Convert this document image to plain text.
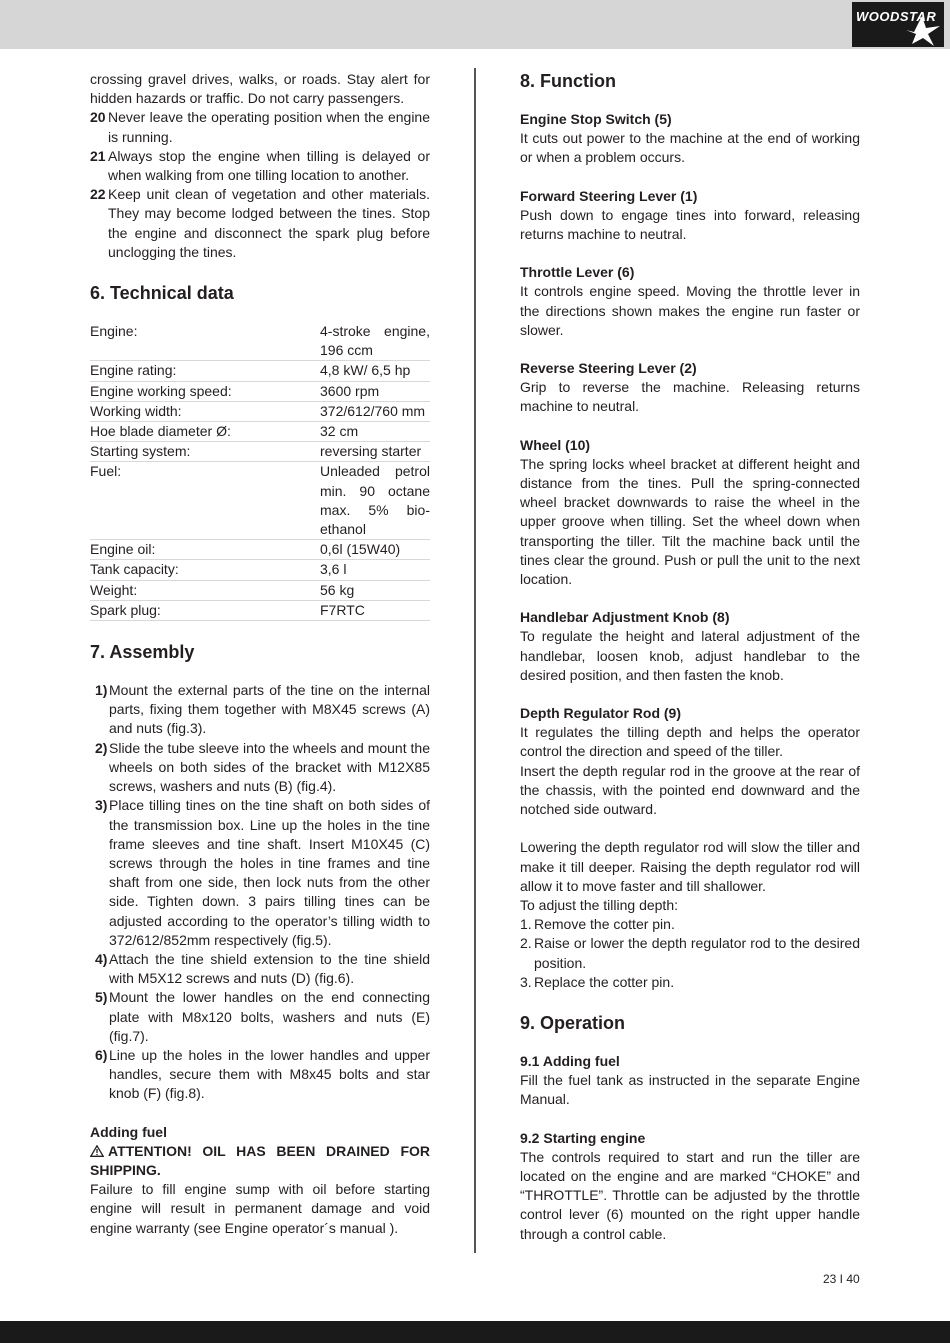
WOODSTAR

crossing gravel drives, walks, or roads. Stay alert for hidden hazards or traffic. Do not carry passengers.

20 Never leave the operating position when the engine is running.

21 Always stop the engine when tilling is delayed or when walking from one tilling location to another.

22 Keep unit clean of vegetation and other materials. They may become lodged between the tines. Stop the engine and disconnect the spark plug before unclogging the tines.

6. Technical data
Engine:	4-stroke engine, 196 ccm
Engine rating:	4,8 kW/ 6,5 hp
Engine working speed:	3600 rpm
Working width:	372/612/760 mm
Hoe blade diameter Ø:	32 cm
Starting system:	reversing starter
Fuel:	Unleaded petrol min. 90 octane max. 5% bio-ethanol
Engine oil:	0,6l (15W40)
Tank capacity:	3,6 l
Weight:	56 kg
Spark plug:	F7RTC
7. Assembly
1) Mount the external parts of the tine on the internal parts, fixing them together with M8X45 screws (A) and nuts (fig.3).
2) Slide the tube sleeve into the wheels and mount the wheels on both sides of the bracket with M12X85 screws, washers and nuts (B) (fig.4).
3) Place tilling tines on the tine shaft on both sides of the transmission box. Line up the holes in the tine frame sleeves and tine shaft. Insert M10X45 (C) screws through the holes in tine frames and tine shaft from one side, then lock nuts from the other side. Tighten down. 3 pairs tilling tines can be adjusted according to the operator’s tilling width to 372/612/852mm respectively (fig.5).
4) Attach the tine shield extension to the tine shield with M5X12 screws and nuts (D) (fig.6).
5) Mount the lower handles on the end connecting plate with M8x120 bolts, washers and nuts (E) (fig.7).
6) Line up the holes in the lower handles and upper handles, secure them with M8x45 bolts and star knob (F) (fig.8).

Adding fuel

ATTENTION! OIL HAS BEEN DRAINED FOR SHIPPING.

Failure to fill engine sump with oil before starting engine will result in permanent damage and void engine warranty (see Engine operator´s manual ).

8. Function

Engine Stop Switch (5)

It cuts out power to the machine at the end of working or when a problem occurs.

Forward Steering Lever (1)

Push down to engage tines into forward, releasing returns machine to neutral.

Throttle Lever (6)

It controls engine speed. Moving the throttle lever in the directions shown makes the engine run faster or slower.

Reverse Steering Lever (2)

Grip to reverse the machine. Releasing returns machine to neutral.

Wheel (10)

The spring locks wheel bracket at different height and distance from the tines. Pull the spring-connected wheel bracket downwards to raise the wheel in the upper groove when tilling. Set the wheel down when transporting the tiller. Tilt the machine back until the tines clear the ground. Push or pull the unit to the next location.

Handlebar Adjustment Knob (8)

To regulate the height and lateral adjustment of the handlebar, loosen knob, adjust handlebar to the desired position, and then fasten the knob.

Depth Regulator Rod (9)

It regulates the tilling depth and helps the operator control the direction and speed of the tiller.

Insert the depth regular rod in the groove at the rear of the chassis, with the pointed end downward and the notched side outward.

Lowering the depth regulator rod will slow the tiller and make it till deeper. Raising the depth regulator rod will allow it to move faster and till shallower.

To adjust the tilling depth:

1. Remove the cotter pin.
2. Raise or lower the depth regulator rod to the desired position.
3. Replace the cotter pin.
9. Operation

9.1 Adding fuel

Fill the fuel tank as instructed in the separate Engine Manual.

9.2 Starting engine

The controls required to start and run the tiller are located on the engine and are marked “CHOKE” and “THROTTLE”. Throttle can be adjusted by the throttle control lever (6) mounted on the right upper handle through a control cable.

23 I 40
